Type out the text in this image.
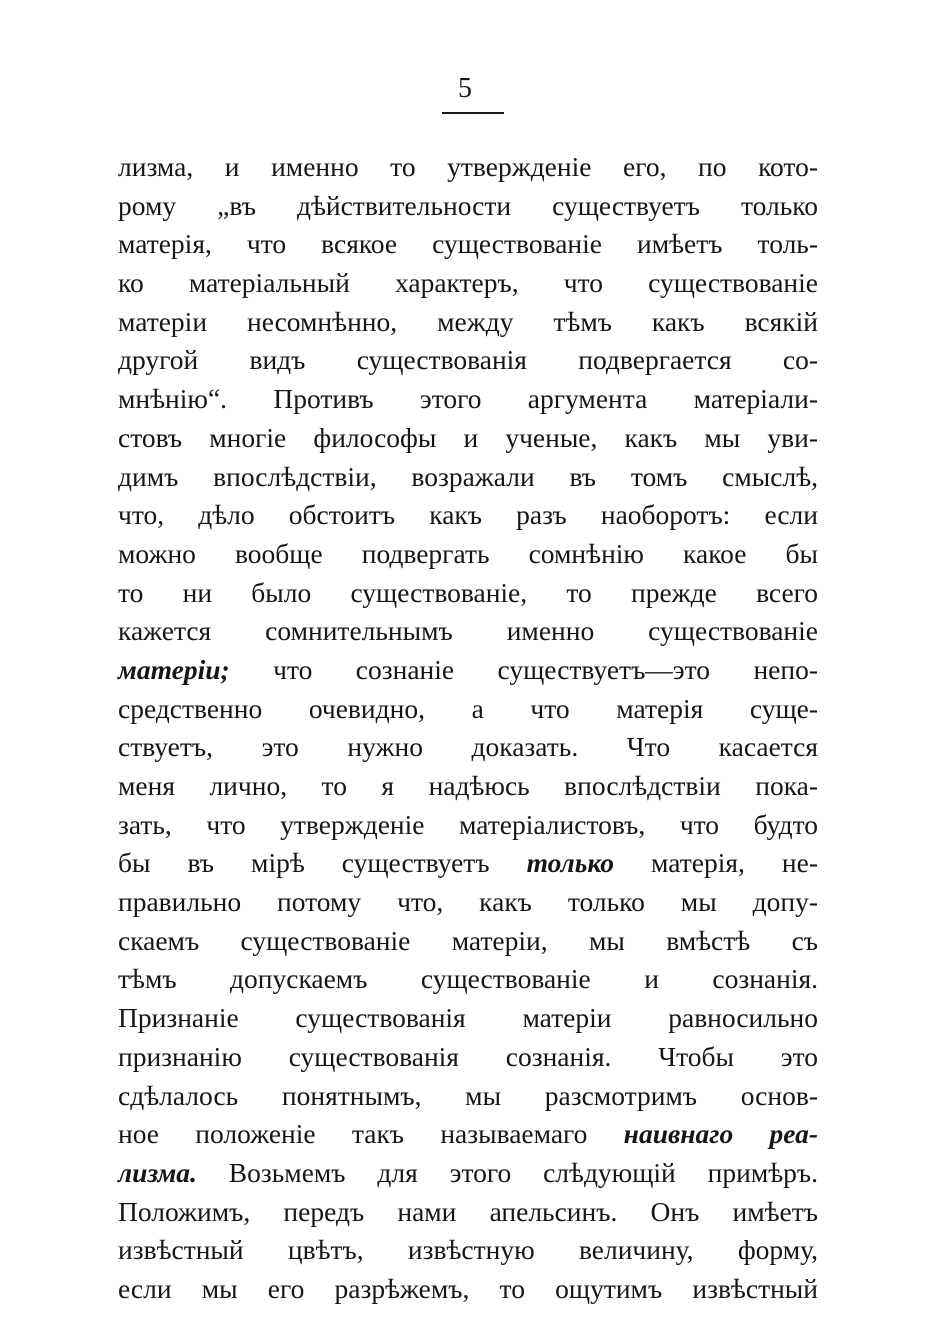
5
лизма, и именно то утвержденіе его, по кото-
рому „въ дѣйствительности существуетъ только
матерія, что всякое существованіе имѣетъ толь-
ко матеріальный характеръ, что существованіе
матеріи несомнѣнно, между тѣмъ какъ всякій
другой видъ существованія подвергается со-
мнѣнію“. Противъ этого аргумента матеріали-
стовъ многіе философы и ученые, какъ мы уви-
димъ впослѣдствіи, возражали въ томъ смыслѣ,
что, дѣло обстоитъ какъ разъ наоборотъ: если
можно вообще подвергать сомнѣнію какое бы
то ни было существованіе, то прежде всего
кажется сомнительнымъ именно существованіе
матеріи; что сознаніе существуетъ—это непо-
средственно очевидно, а что матерія суще-
ствуетъ, это нужно доказать. Что касается
меня лично, то я надѣюсь впослѣдствіи пока-
зать, что утвержденіе матеріалистовъ, что будто
бы въ мірѣ существуетъ только матерія, не-
правильно потому что, какъ только мы допу-
скаемъ существованіе матеріи, мы вмѣстѣ съ
тѣмъ допускаемъ существованіе и сознанія.
Признаніе существованія матеріи равносильно
признанію существованія сознанія. Чтобы это
сдѣлалось понятнымъ, мы разсмотримъ основ-
ное положеніе такъ называемаго наивнаго реа-
лизма. Возьмемъ для этого слѣдующій примѣръ.
Положимъ, передъ нами апельсинъ. Онъ имѣетъ
извѣстный цвѣтъ, извѣстную величину, форму,
если мы его разрѣжемъ, то ощутимъ извѣстный
